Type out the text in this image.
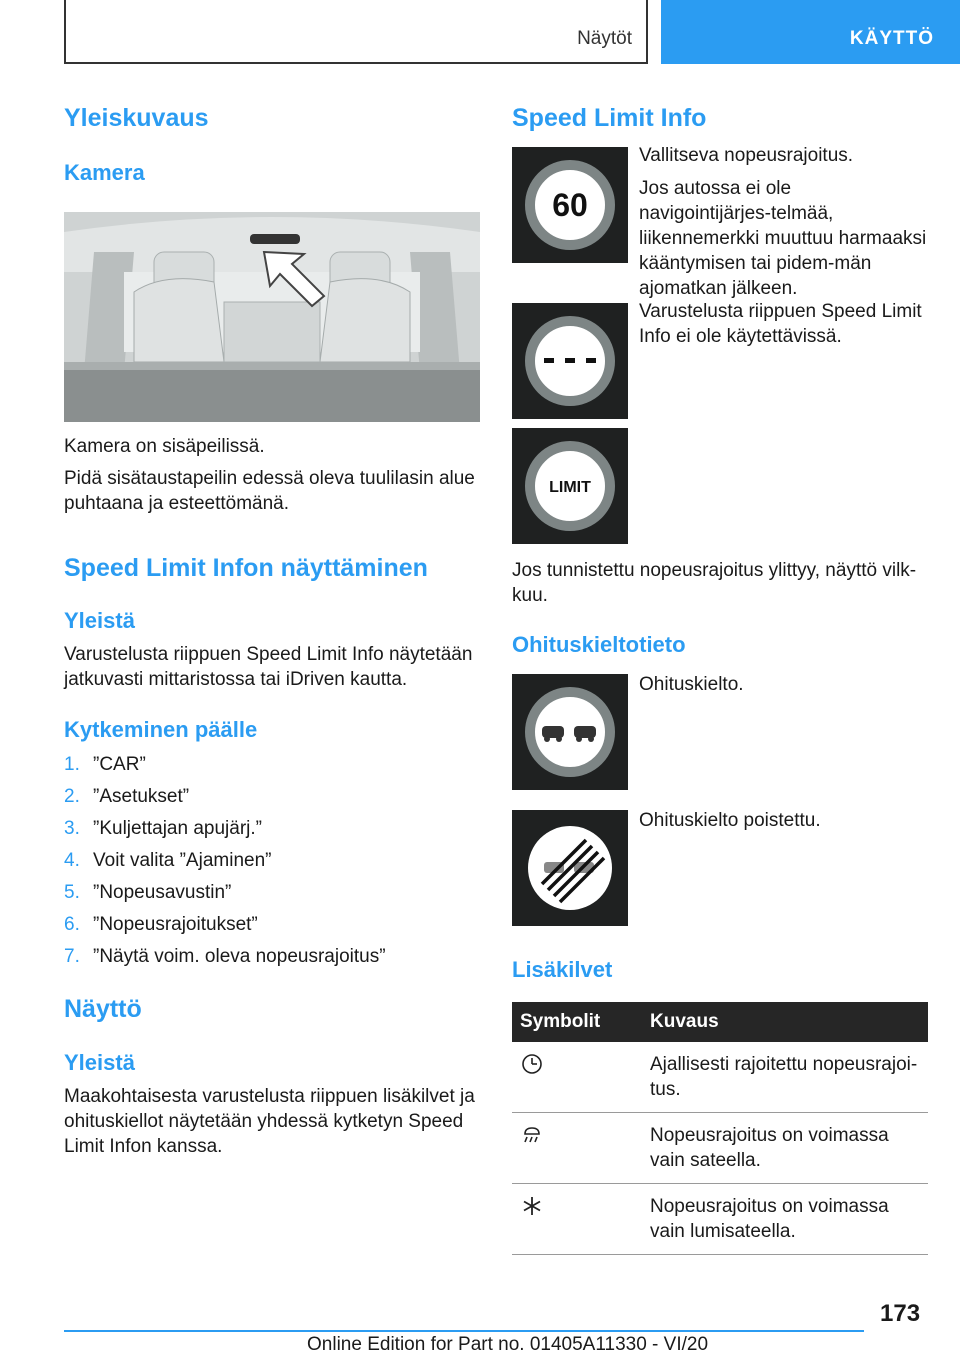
Näytöt	KÄYTTÖ
Yleiskuvaus
Kamera

Kamera on sisäpeilissä.

Pidä sisätaustapeilin edessä oleva tuulilasin alue puhtaana ja esteettömänä.

Speed Limit Infon näyttäminen
Yleistä

Varustelusta riippuen Speed Limit Info näytetään jatkuvasti mittaristossa tai iDriven kautta.

Kytkeminen päälle
1. ”CAR”
2. ”Asetukset”
3. ”Kuljettajan apujärj.”
4. Voit valita ”Ajaminen”
5. ”Nopeusavustin”
6. ”Nopeusrajoitukset”
7. ”Näytä voim. oleva nopeusrajoitus”
Näyttö
Yleistä

Maakohtaisesta varustelusta riippuen lisäkilvet ja ohituskiellot näytetään yhdessä kytketyn Speed Limit Infon kanssa.

Speed Limit Info
60

Vallitseva nopeusrajoitus.

Jos autossa ei ole navigointijärjes-telmää, liikennemerkki muuttuu harmaaksi kääntymisen tai pidem-män ajomatkan jälkeen.

Varustelusta riippuen Speed Limit Info ei ole käytettävissä.

LIMIT

Jos tunnistettu nopeusrajoitus ylittyy, näyttö vilk-kuu.

Ohituskieltotieto

Ohituskielto.

Ohituskielto poistettu.

Lisäkilvet
Symbolit	Kuvaus
	Ajallisesti rajoitettu nopeusrajoi-tus.
	Nopeusrajoitus on voimassa vain sateella.
	Nopeusrajoitus on voimassa vain lumisateella.
173
Online Edition for Part no. 01405A11330 - VI/20
